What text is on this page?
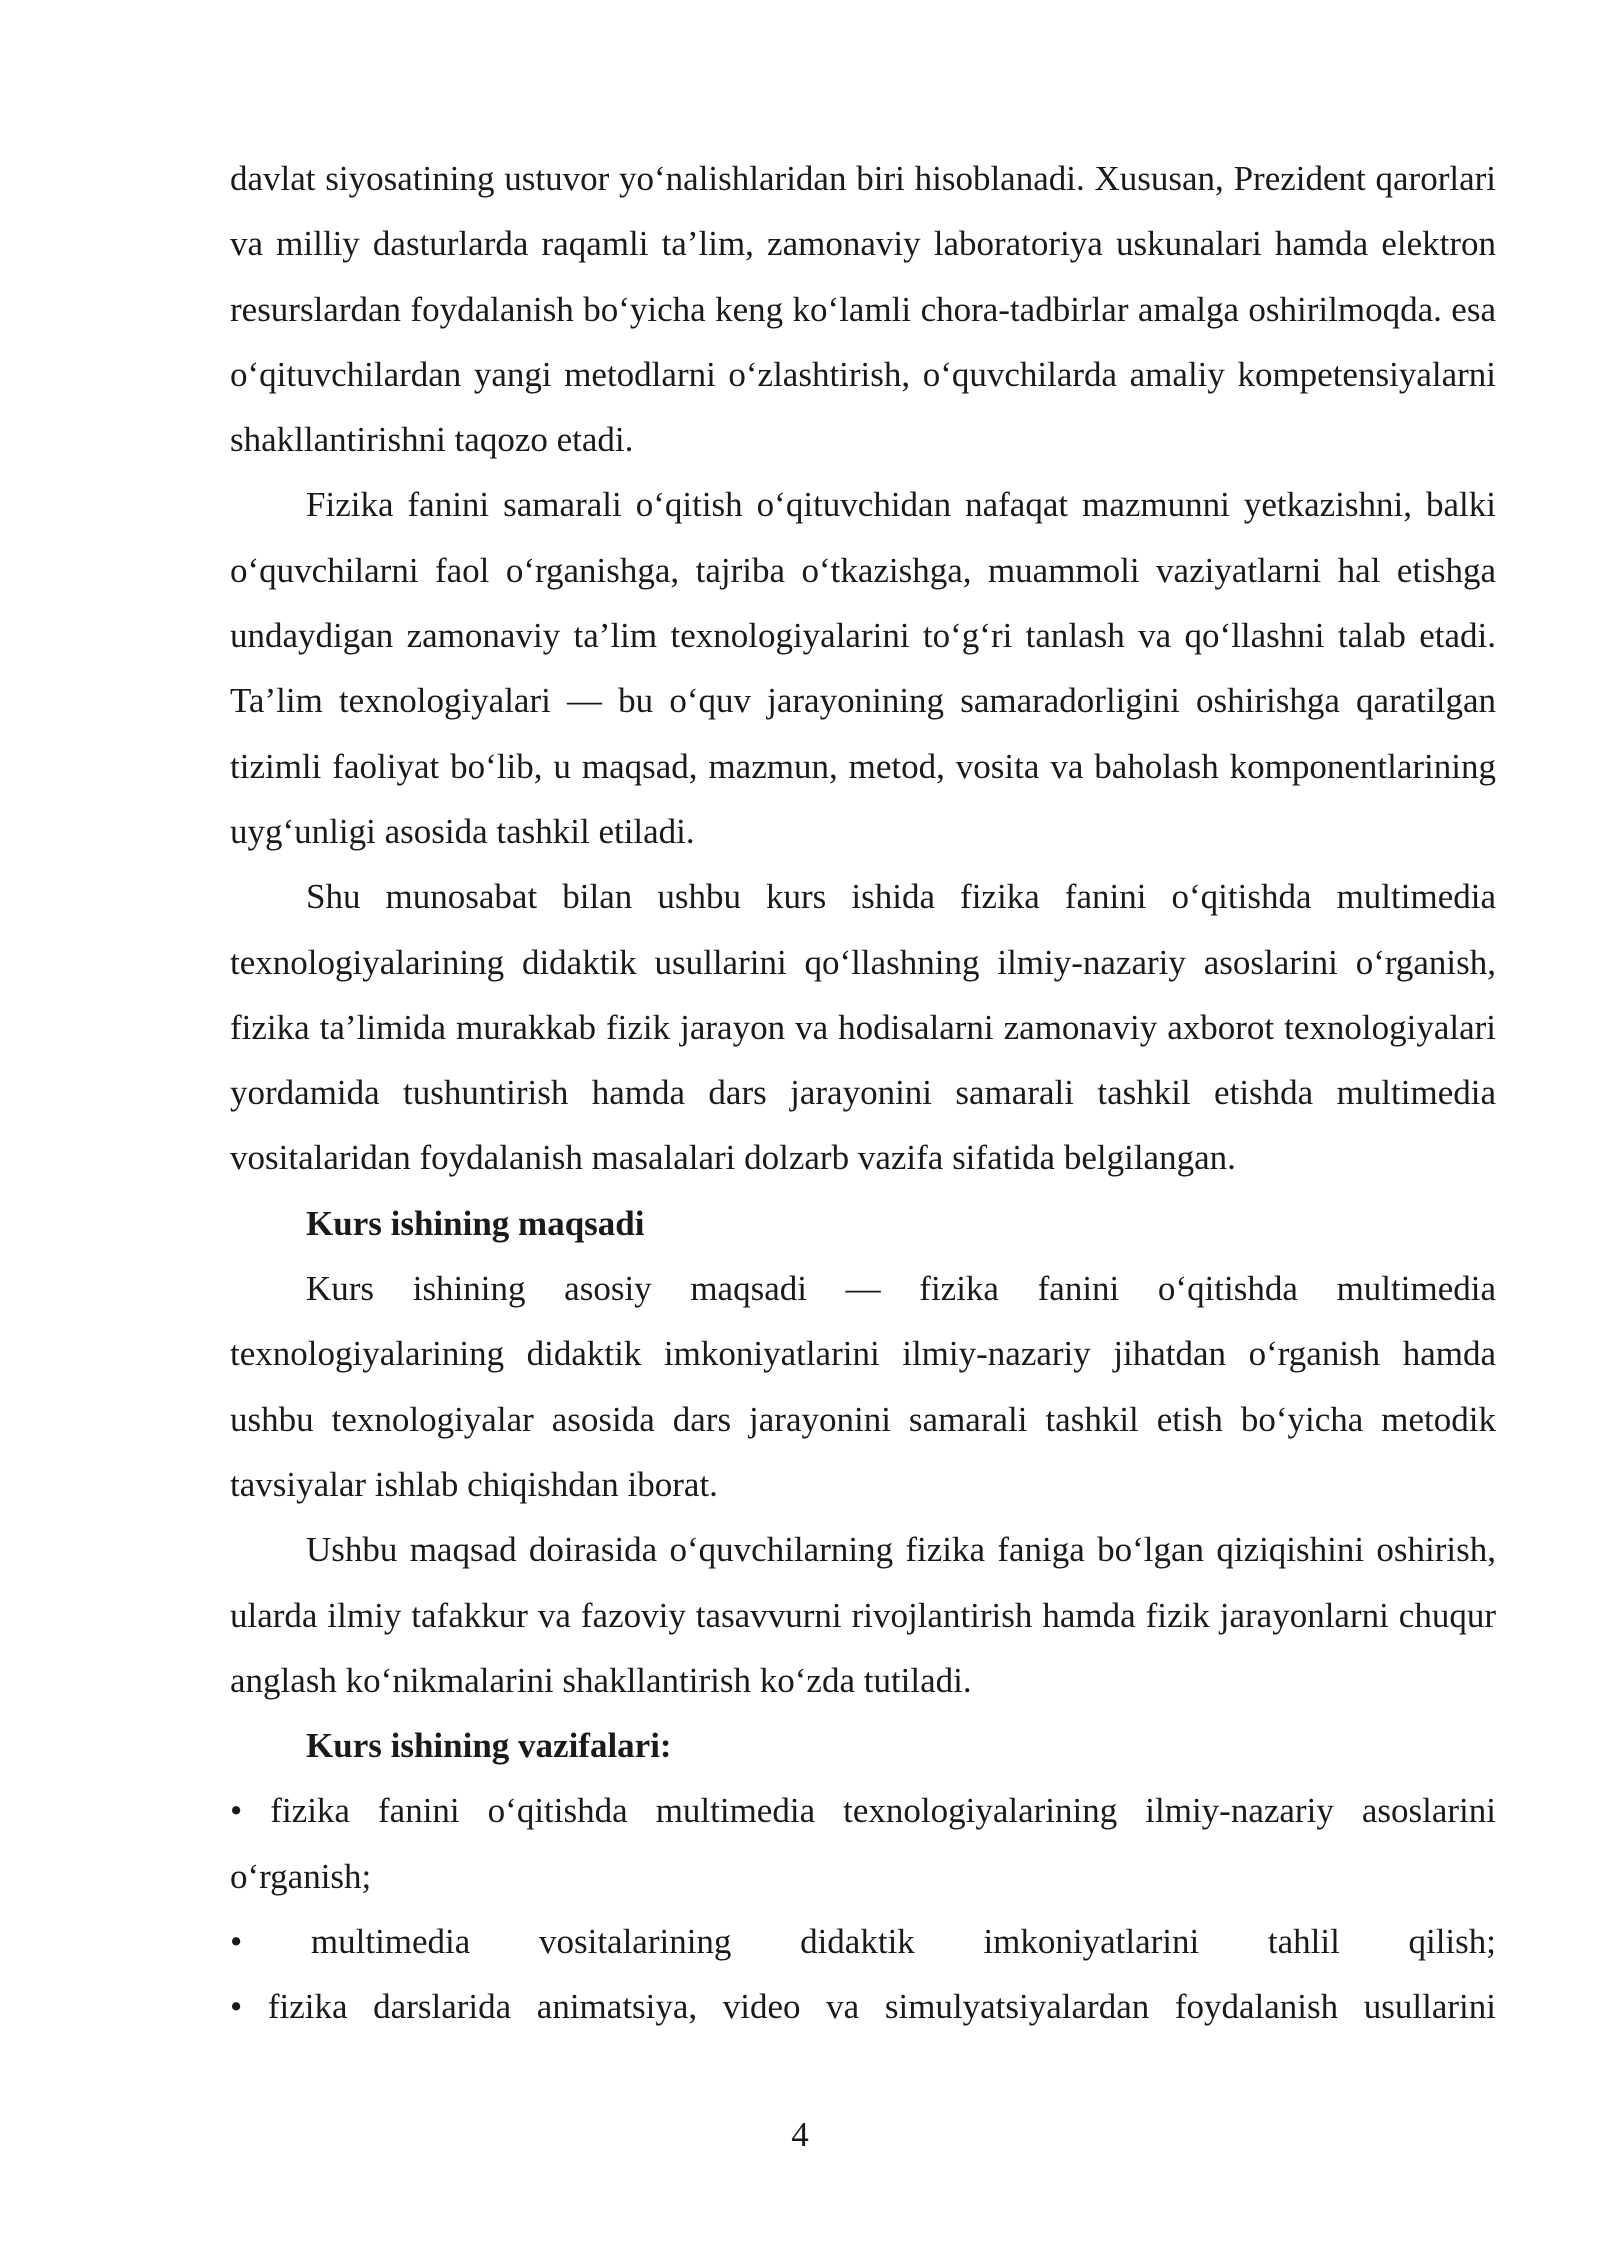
davlat siyosatining ustuvor yo‘nalishlaridan biri hisoblanadi. Xususan, Prezident qarorlari va milliy dasturlarda raqamli ta’lim, zamonaviy laboratoriya uskunalari hamda elektron resurslardan foydalanish bo‘yicha keng ko‘lamli chora-tadbirlar amalga oshirilmoqda. esa o‘qituvchilardan yangi metodlarni o‘zlashtirish, o‘quvchilarda amaliy kompetensiyalarni shakllantirishni taqozo etadi.

Fizika fanini samarali o‘qitish o‘qituvchidan nafaqat mazmunni yetkazishni, balki o‘quvchilarni faol o‘rganishga, tajriba o‘tkazishga, muammoli vaziyatlarni hal etishga undaydigan zamonaviy ta’lim texnologiyalarini to‘g‘ri tanlash va qo‘llashni talab etadi. Ta’lim texnologiyalari — bu o‘quv jarayonining samaradorligini oshirishga qaratilgan tizimli faoliyat bo‘lib, u maqsad, mazmun, metod, vosita va baholash komponentlarining uyg‘unligi asosida tashkil etiladi.

Shu munosabat bilan ushbu kurs ishida fizika fanini o‘qitishda multimedia texnologiyalarining didaktik usullarini qo‘llashning ilmiy-nazariy asoslarini o‘rganish, fizika ta’limida murakkab fizik jarayon va hodisalarni zamonaviy axborot texnologiyalari yordamida tushuntirish hamda dars jarayonini samarali tashkil etishda multimedia vositalaridan foydalanish masalalari dolzarb vazifa sifatida belgilangan.

Kurs ishining maqsadi

Kurs ishining asosiy maqsadi — fizika fanini o‘qitishda multimedia texnologiyalarining didaktik imkoniyatlarini ilmiy-nazariy jihatdan o‘rganish hamda ushbu texnologiyalar asosida dars jarayonini samarali tashkil etish bo‘yicha metodik tavsiyalar ishlab chiqishdan iborat.

Ushbu maqsad doirasida o‘quvchilarning fizika faniga bo‘lgan qiziqishini oshirish, ularda ilmiy tafakkur va fazoviy tasavvurni rivojlantirish hamda fizik jarayonlarni chuqur anglash ko‘nikmalarini shakllantirish ko‘zda tutiladi.

Kurs ishining vazifalari:

• fizika fanini o‘qitishda multimedia texnologiyalarining ilmiy-nazariy asoslarini o‘rganish;

• multimedia vositalarining didaktik imkoniyatlarini tahlil qilish;

• fizika darslarida animatsiya, video va simulyatsiyalardan foydalanish usullarini

4
